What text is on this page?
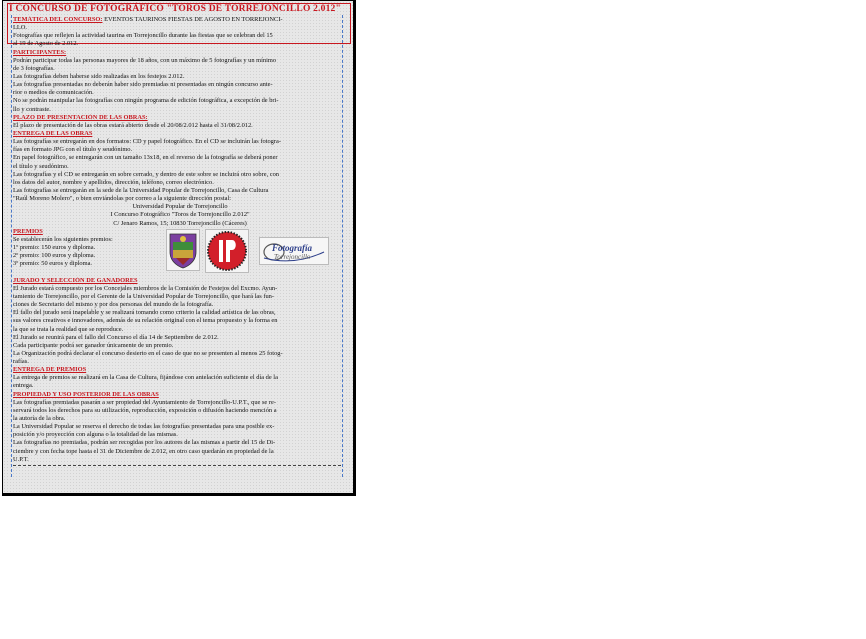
I CONCURSO DE FOTOGRÁFICO "TOROS DE TORREJONCILLO 2.012"
TEMÁTICA DEL CONCURSO: EVENTOS TAURINOS FIESTAS DE AGOSTO EN TORREJONCI-
LLO.
Fotografías que reflejen la actividad taurina en Torrejoncillo durante las fiestas que se celebran del 15
al 19 de Agosto de 2.012.
PARTICIPANTES:
Podrán participar todas las personas mayores de 18 años, con un máximo de 5 fotografías y un mínimo
de 3 fotografías.
Las fotografías deben haberse sido realizadas en los festejos 2.012.
Las fotografías presentadas no deberán haber sido premiadas ni presentadas en ningún concurso ante-
rior o medios de comunicación.
No se podrán manipular las fotografías con ningún programa de edición fotográfica, a excepción de bri-
llo y contraste.
PLAZO DE PRESENTACIÓN DE LAS OBRAS:
El plazo de presentación de las obras estará abierto desde el 20/08/2.012 hasta el 31/08/2.012.
ENTREGA DE LAS OBRAS
Las fotografías se entregarán en dos formatos: CD y papel fotográfico. En el CD se incluirán las fotogra-
fías en formato JPG con el título y seudónimo.
En papel fotográfico, se entregarán con un tamaño 13x18, en el reverso de la fotografía se deberá poner
el título y seudónimo.
Las fotografías y el CD se entregarán en sobre cerrado, y dentro de este sobre se incluirá otro sobre, con
los datos del autor, nombre y apellidos, dirección, teléfono, correo electrónico.
Las fotografías se entregarán en la sede de la Universidad Popular de Torrejoncillo, Casa de Cultura
"Raúl Moreno Molero", o bien enviándolas por correo a la siguiente dirección postal:
Universidad Popular de Torrejoncillo
I Concurso Fotográfico "Toros de Torrejoncillo 2.012"
C/ Jenaro Ramos, 15; 10830 Torrejoncillo (Cáceres)
PREMIOS
Se establecerán los siguientes premios:
1º premio: 150 euros y diploma.
2º premio: 100 euros y diploma.
3º premio: 50 euros y diploma.
Fotografía
Torrejoncillo
JURADO Y SELECCIÓN DE GANADORES
El Jurado estará compuesto por los Concejales miembros de la Comisión de Festejos del Excmo. Ayun-
tamiento de Torrejoncillo, por el Gerente de la Universidad Popular de Torrejoncillo, que hará las fun-
ciones de Secretario del mismo y por dos personas del mundo de la fotografía.
El fallo del jurado será inapelable y se realizará tomando como criterio la calidad artística de las obras,
sus valores creativos e innovadores, además de su relación original con el tema propuesto y la forma en
la que se trata la realidad que se reproduce.
El Jurado se reunirá para el fallo del Concurso el día 14 de Septiembre de 2.012.
Cada participante podrá ser ganador únicamente de un premio.
La Organización podrá declarar el concurso desierto en el caso de que no se presenten al menos 25 fotog-
rafías.
ENTREGA DE PREMIOS
La entrega de premios se realizará en la Casa de Cultura, fijándose con antelación suficiente el día de la
entrega.
PROPIEDAD Y USO POSTERIOR DE LAS OBRAS
Las fotografías premiadas pasarán a ser propiedad del Ayuntamiento de Torrejoncillo-U.P.T., que se re-
servará todos los derechos para su utilización, reproducción, exposición o difusión haciendo mención a
la autoría de la obra.
La Universidad Popular se reserva el derecho de todas las fotografías presentadas para una posible ex-
posición y/o proyección con alguna o la totalidad de las mismas.
Las fotografías no premiadas, podrán ser recogidas por los autores de las mismas a partir del 15 de Di-
ciembre y con fecha tope hasta el 31 de Diciembre de 2.012, en otro caso quedarán en propiedad de la
U.P.T.
